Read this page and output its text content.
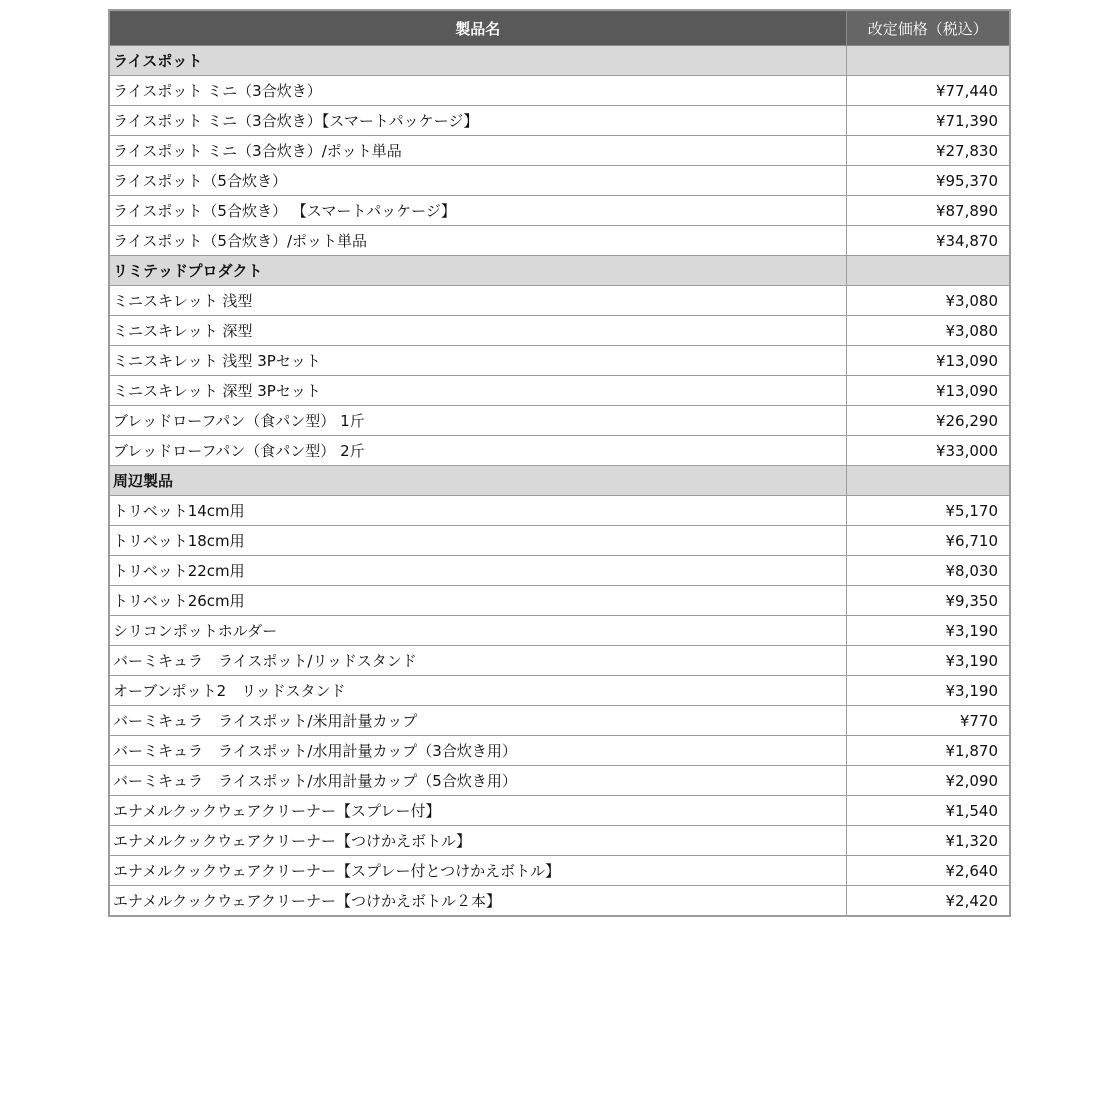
製品名	改定価格（税込）
ライスポット	
ライスポット ミニ（3合炊き）	¥77,440
ライスポット ミニ（3合炊き）【スマートパッケージ】	¥71,390
ライスポット ミニ（3合炊き）/ポット単品	¥27,830
ライスポット（5合炊き）	¥95,370
ライスポット（5合炊き） 【スマートパッケージ】	¥87,890
ライスポット（5合炊き）/ポット単品	¥34,870
リミテッドプロダクト	
ミニスキレット 浅型	¥3,080
ミニスキレット 深型	¥3,080
ミニスキレット 浅型 3Pセット	¥13,090
ミニスキレット 深型 3Pセット	¥13,090
ブレッドローフパン（食パン型） 1斤	¥26,290
ブレッドローフパン（食パン型） 2斤	¥33,000
周辺製品	
トリベット14cm用	¥5,170
トリベット18cm用	¥6,710
トリベット22cm用	¥8,030
トリベット26cm用	¥9,350
シリコンポットホルダー	¥3,190
バーミキュラ　ライスポット/リッドスタンド	¥3,190
オーブンポット2　リッドスタンド	¥3,190
バーミキュラ　ライスポット/米用計量カップ	¥770
バーミキュラ　ライスポット/水用計量カップ（3合炊き用）	¥1,870
バーミキュラ　ライスポット/水用計量カップ（5合炊き用）	¥2,090
エナメルクックウェアクリーナー【スプレー付】	¥1,540
エナメルクックウェアクリーナー【つけかえボトル】	¥1,320
エナメルクックウェアクリーナー【スプレー付とつけかえボトル】	¥2,640
エナメルクックウェアクリーナー【つけかえボトル２本】	¥2,420
